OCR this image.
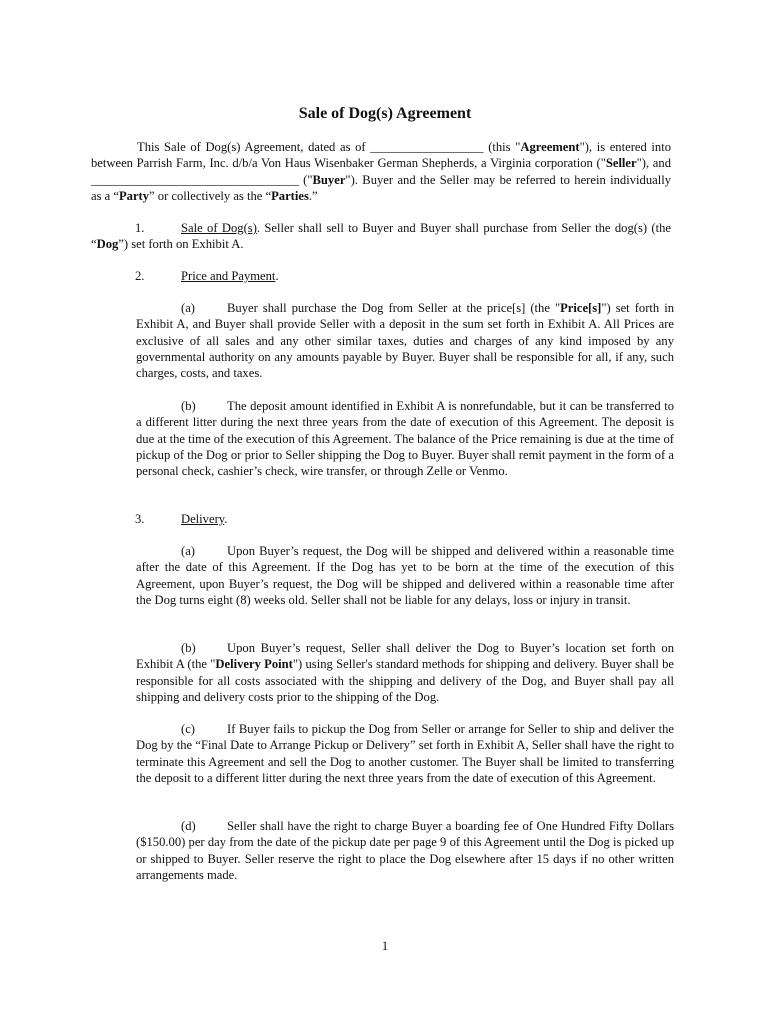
Sale of Dog(s) Agreement
This Sale of Dog(s) Agreement, dated as of __________________ (this "Agreement"), is entered into between Parrish Farm, Inc. d/b/a Von Haus Wisenbaker German Shepherds, a Virginia corporation ("Seller"), and _________________________________ ("Buyer"). Buyer and the Seller may be referred to herein individually as a “Party” or collectively as the “Parties.”
1.	Sale of Dog(s). Seller shall sell to Buyer and Buyer shall purchase from Seller the dog(s) (the “Dog”) set forth on Exhibit A.
2.	Price and Payment.
(a)	Buyer shall purchase the Dog from Seller at the price[s] (the "Price[s]") set forth in Exhibit A, and Buyer shall provide Seller with a deposit in the sum set forth in Exhibit A. All Prices are exclusive of all sales and any other similar taxes, duties and charges of any kind imposed by any governmental authority on any amounts payable by Buyer. Buyer shall be responsible for all, if any, such charges, costs, and taxes.
(b) The deposit amount identified in Exhibit A is nonrefundable, but it can be transferred to a different litter during the next three years from the date of execution of this Agreement. The deposit is due at the time of the execution of this Agreement. The balance of the Price remaining is due at the time of pickup of the Dog or prior to Seller shipping the Dog to Buyer. Buyer shall remit payment in the form of a personal check, cashier’s check, wire transfer, or through Zelle or Venmo.
3.	Delivery.
(a)	Upon Buyer’s request, the Dog will be shipped and delivered within a reasonable time after the date of this Agreement. If the Dog has yet to be born at the time of the execution of this Agreement, upon Buyer’s request, the Dog will be shipped and delivered within a reasonable time after the Dog turns eight (8) weeks old. Seller shall not be liable for any delays, loss or injury in transit.
(b) Upon Buyer’s request, Seller shall deliver the Dog to Buyer’s location set forth on Exhibit A (the "Delivery Point") using Seller's standard methods for shipping and delivery. Buyer shall be responsible for all costs associated with the shipping and delivery of the Dog, and Buyer shall pay all shipping and delivery costs prior to the shipping of the Dog.
(c)	If Buyer fails to pickup the Dog from Seller or arrange for Seller to ship and deliver the Dog by the “Final Date to Arrange Pickup or Delivery” set forth in Exhibit A, Seller shall have the right to terminate this Agreement and sell the Dog to another customer. The Buyer shall be limited to transferring the deposit to a different litter during the next three years from the date of execution of this Agreement.
(d) Seller shall have the right to charge Buyer a boarding fee of One Hundred Fifty Dollars ($150.00) per day from the date of the pickup date per page 9 of this Agreement until the Dog is picked up or shipped to Buyer. Seller reserve the right to place the Dog elsewhere after 15 days if no other written arrangements made.
1
